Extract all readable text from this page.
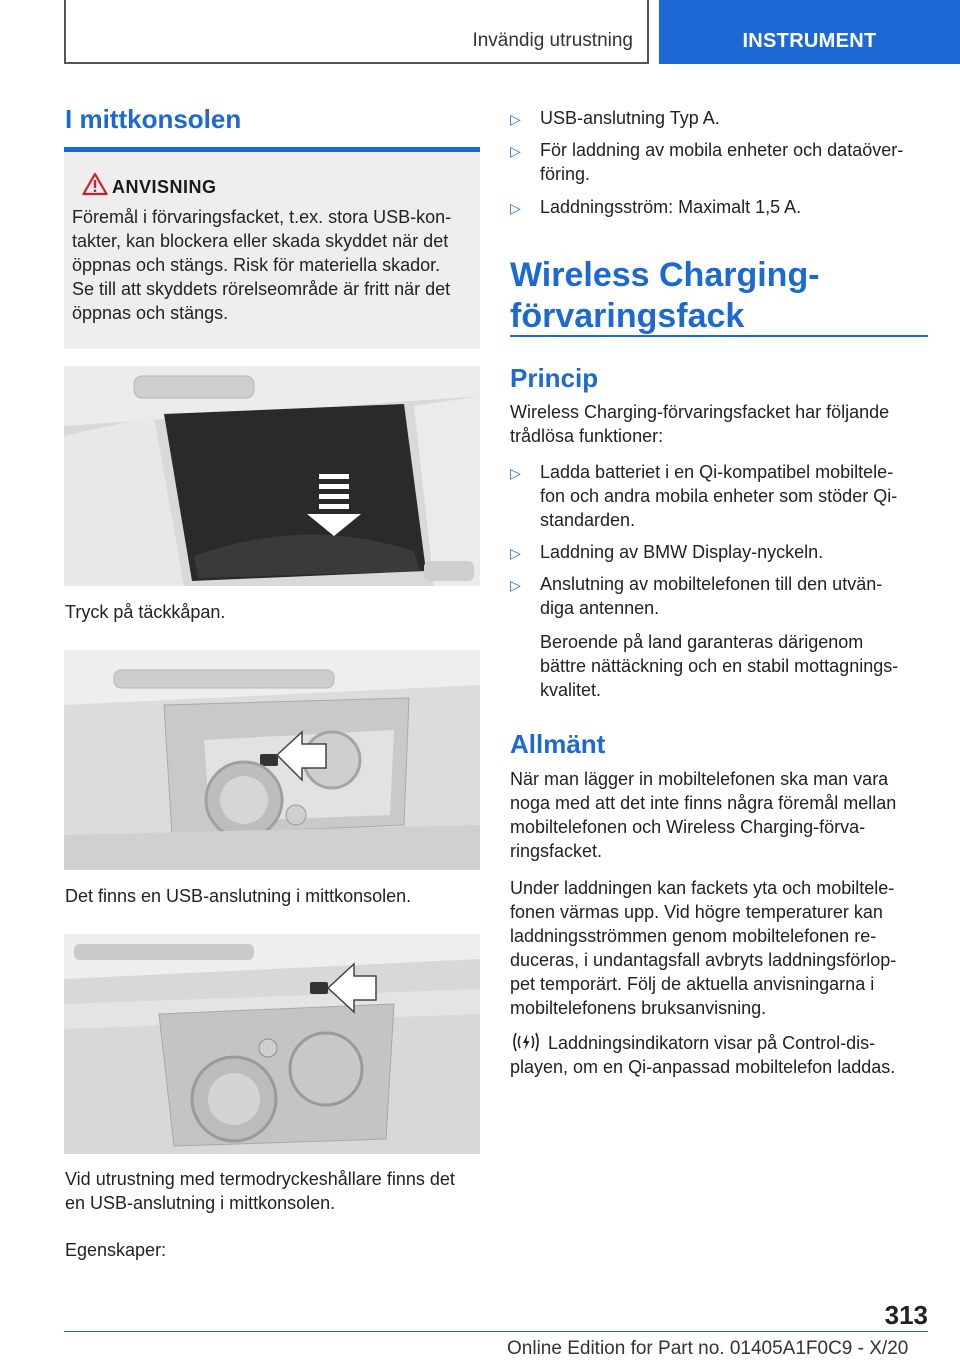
Invändig utrustning	INSTRUMENT
I mittkonsolen
ANVISNING
Föremål i förvaringsfacket, t.ex. stora USB-kon-
takter, kan blockera eller skada skyddet när det
öppnas och stängs. Risk för materiella skador.
Se till att skyddets rörelseområde är fritt när det
öppnas och stängs.
Tryck på täckkåpan.
Det finns en USB-anslutning i mittkonsolen.
Vid utrustning med termodryckeshållare finns det
en USB-anslutning i mittkonsolen.
Egenskaper:
▷ USB-anslutning Typ A.
▷ För laddning av mobila enheter och dataöver-
föring.
▷ Laddningsström: Maximalt 1,5 A.
Wireless Charging-
förvaringsfack
Princip
Wireless Charging-förvaringsfacket har följande
trådlösa funktioner:
▷ Ladda batteriet i en Qi-kompatibel mobiltele-
fon och andra mobila enheter som stöder Qi-
standarden.
▷ Laddning av BMW Display-nyckeln.
▷ Anslutning av mobiltelefonen till den utvän-
diga antennen.
Beroende på land garanteras därigenom
bättre nättäckning och en stabil mottagnings-
kvalitet.
Allmänt
När man lägger in mobiltelefonen ska man vara
noga med att det inte finns några föremål mellan
mobiltelefonen och Wireless Charging-förva-
ringsfacket.
Under laddningen kan fackets yta och mobiltele-
fonen värmas upp. Vid högre temperaturer kan
laddningsströmmen genom mobiltelefonen re-
duceras, i undantagsfall avbryts laddningsförlop-
pet temporärt. Följ de aktuella anvisningarna i
mobiltelefonens bruksanvisning.
Laddningsindikatorn visar på Control-dis-
playen, om en Qi-anpassad mobiltelefon laddas.
313
Online Edition for Part no. 01405A1F0C9 - X/20
